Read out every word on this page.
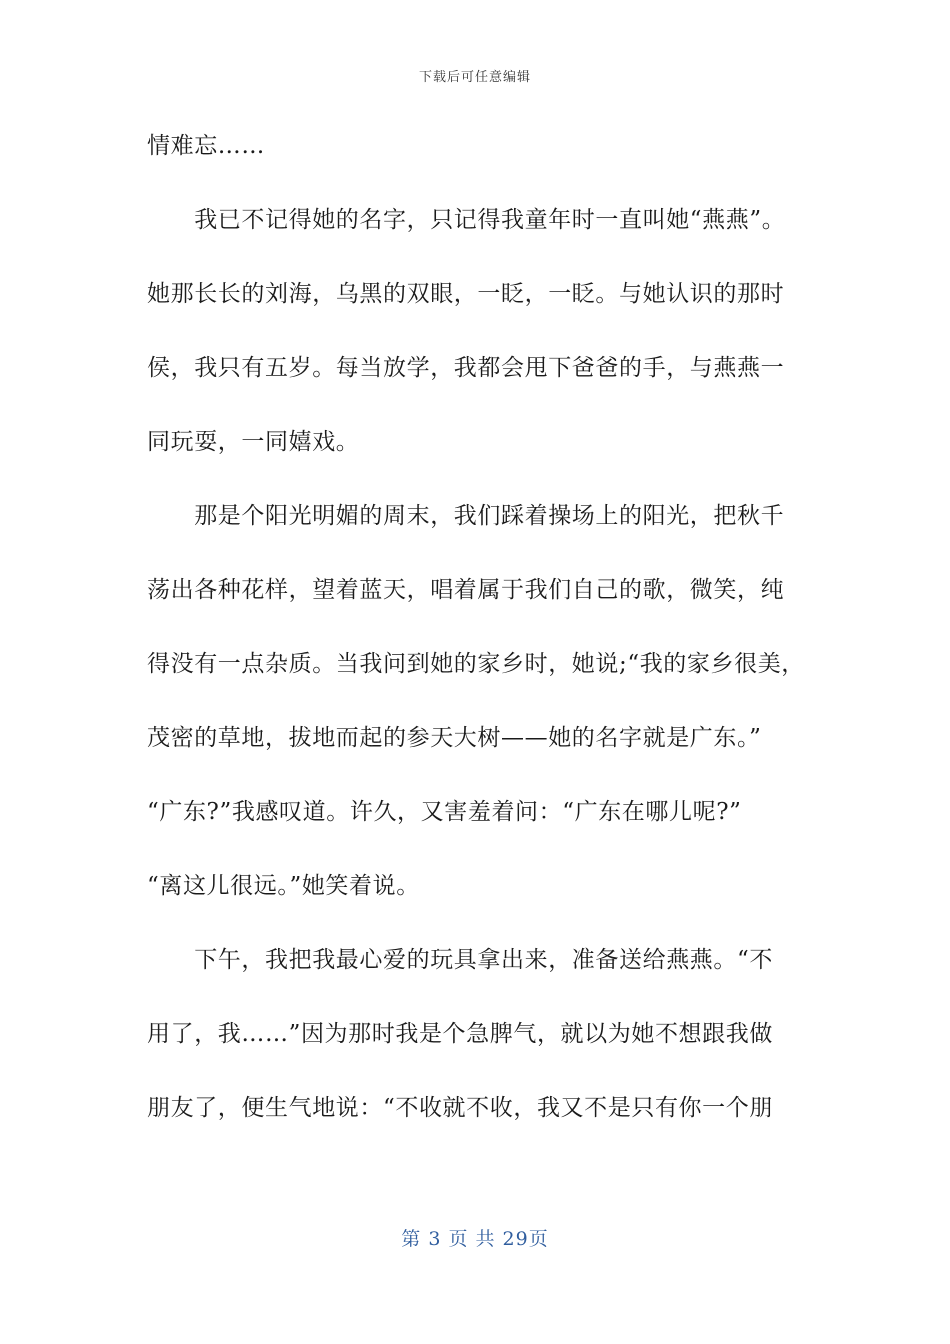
下载后可任意编辑
情难忘……
　　我已不记得她的名字，只记得我童年时一直叫她“燕燕”。
她那长长的刘海，乌黑的双眼，一眨，一眨。与她认识的那时
侯，我只有五岁。每当放学，我都会甩下爸爸的手，与燕燕一
同玩耍，一同嬉戏。
　　那是个阳光明媚的周末，我们踩着操场上的阳光，把秋千
荡出各种花样，望着蓝天，唱着属于我们自己的歌，微笑，纯
得没有一点杂质。当我问到她的家乡时，她说;“我的家乡很美，
茂密的草地，拔地而起的参天大树——她的名字就是广东。”
“广东?”我感叹道。许久，又害羞着问：“广东在哪儿呢?”
“离这儿很远。”她笑着说。
　　下午，我把我最心爱的玩具拿出来，准备送给燕燕。“不
用了，我……”因为那时我是个急脾气，就以为她不想跟我做
朋友了，便生气地说：“不收就不收，我又不是只有你一个朋
第 3 页 共 29页
